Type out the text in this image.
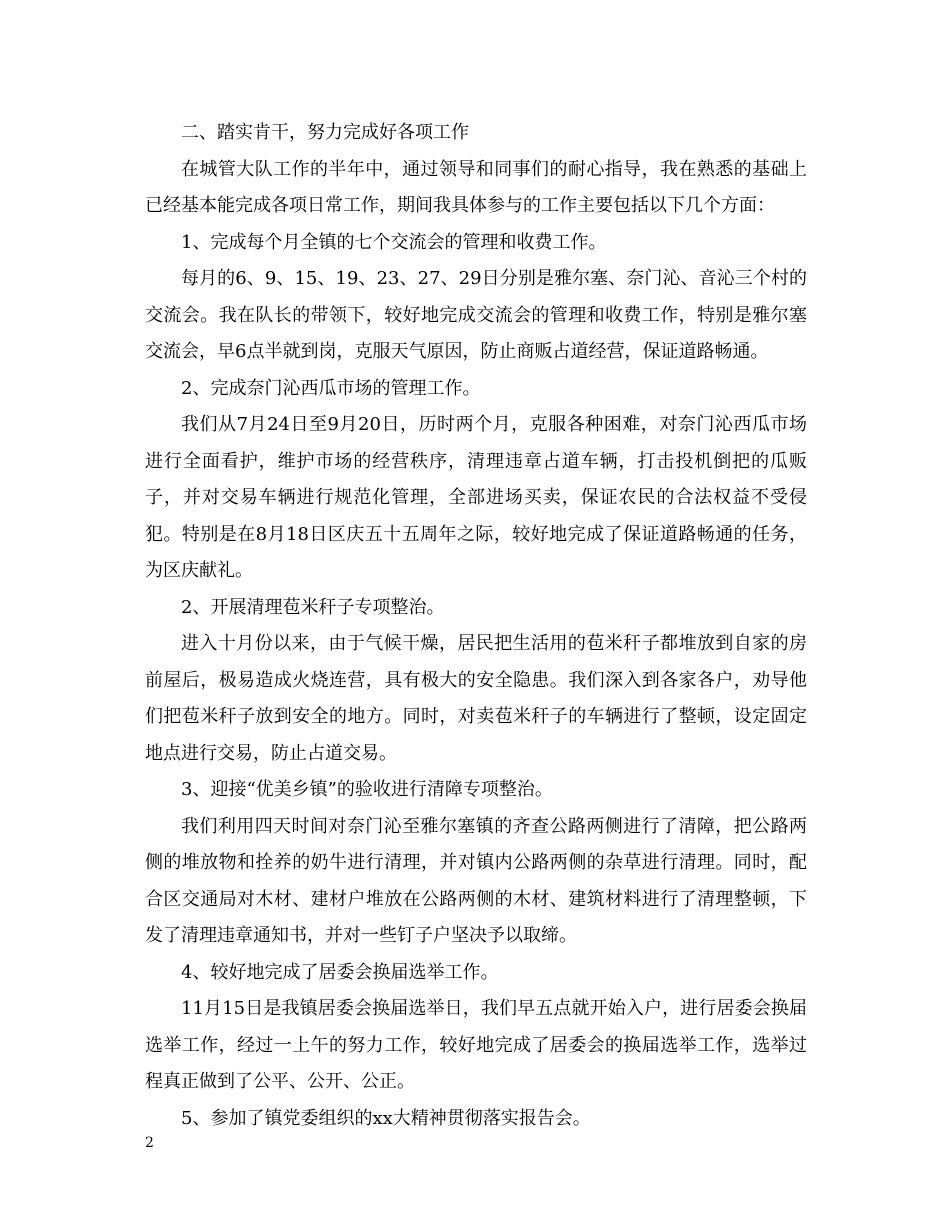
二、踏实肯干，努力完成好各项工作

在城管大队工作的半年中，通过领导和同事们的耐心指导，我在熟悉的基础上已经基本能完成各项日常工作，期间我具体参与的工作主要包括以下几个方面：

1、完成每个月全镇的七个交流会的管理和收费工作。

每月的6、9、15、19、23、27、29日分别是雅尔塞、奈门沁、音沁三个村的交流会。我在队长的带领下，较好地完成交流会的管理和收费工作，特别是雅尔塞交流会，早6点半就到岗，克服天气原因，防止商贩占道经营，保证道路畅通。

2、完成奈门沁西瓜市场的管理工作。

我们从7月24日至9月20日，历时两个月，克服各种困难，对奈门沁西瓜市场进行全面看护，维护市场的经营秩序，清理违章占道车辆，打击投机倒把的瓜贩子，并对交易车辆进行规范化管理，全部进场买卖，保证农民的合法权益不受侵犯。特别是在8月18日区庆五十五周年之际，较好地完成了保证道路畅通的任务，为区庆献礼。

2、开展清理苞米秆子专项整治。

进入十月份以来，由于气候干燥，居民把生活用的苞米秆子都堆放到自家的房前屋后，极易造成火烧连营，具有极大的安全隐患。我们深入到各家各户，劝导他们把苞米秆子放到安全的地方。同时，对卖苞米秆子的车辆进行了整顿，设定固定地点进行交易，防止占道交易。

3、迎接“优美乡镇”的验收进行清障专项整治。

我们利用四天时间对奈门沁至雅尔塞镇的齐查公路两侧进行了清障，把公路两侧的堆放物和拴养的奶牛进行清理，并对镇内公路两侧的杂草进行清理。同时，配合区交通局对木材、建材户堆放在公路两侧的木材、建筑材料进行了清理整顿，下发了清理违章通知书，并对一些钉子户坚决予以取缔。

4、较好地完成了居委会换届选举工作。

11月15日是我镇居委会换届选举日，我们早五点就开始入户，进行居委会换届选举工作，经过一上午的努力工作，较好地完成了居委会的换届选举工作，选举过程真正做到了公平、公开、公正。

5、参加了镇党委组织的xx大精神贯彻落实报告会。

2
